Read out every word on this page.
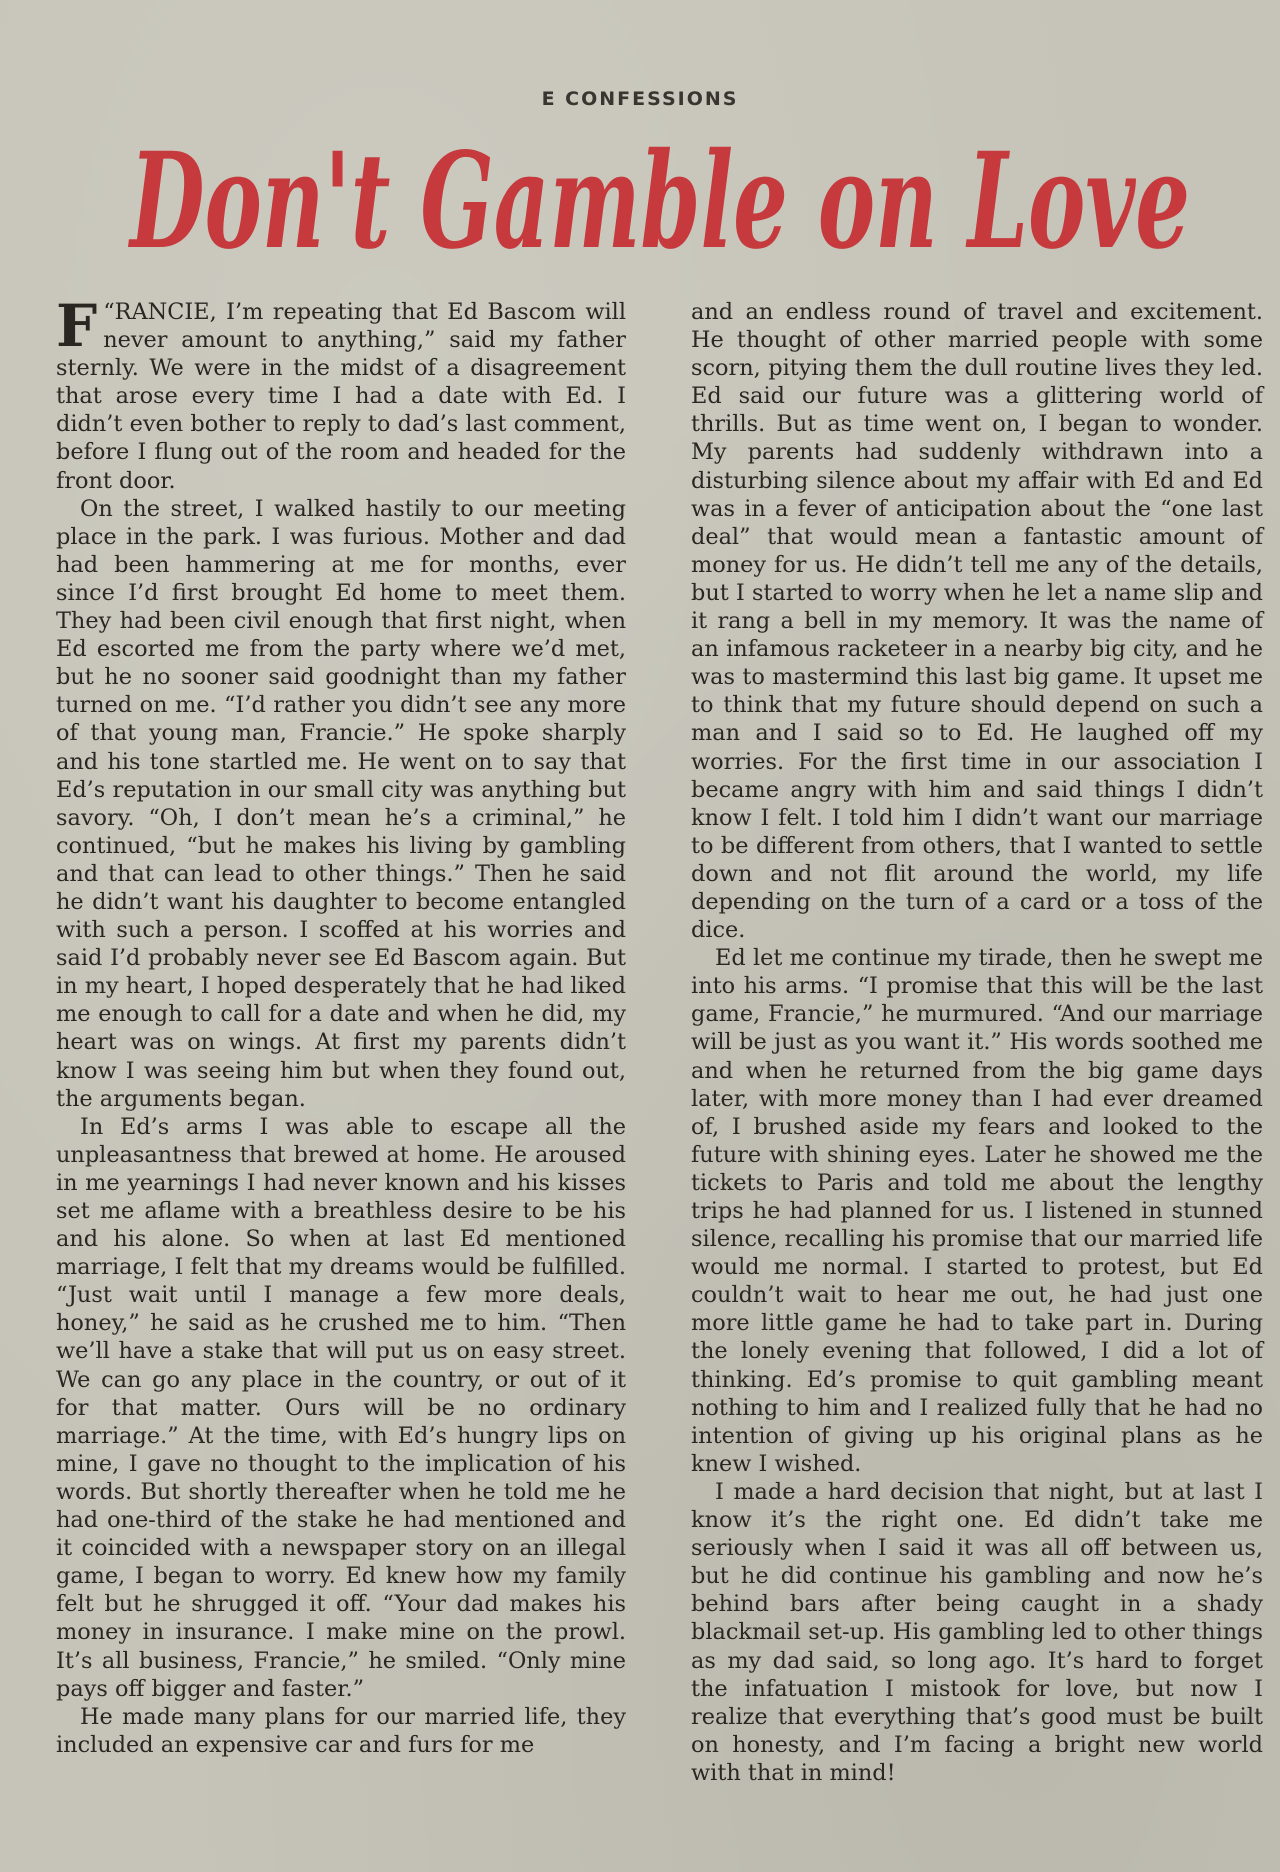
E CONFESSIONS
Don't Gamble on Love

“
F RANCIE, I’m repeating that Ed Bascom will never amount to anything,” said my father sternly. We were in the midst of a disagreement that arose every time I had a date with Ed. I didn’t even bother to reply to dad’s last comment, before I flung out of the room and headed for the front door.

On the street, I walked hastily to our meeting place in the park. I was furious. Mother and dad had been hammering at me for months, ever since I’d first brought Ed home to meet them. They had been civil enough that first night, when Ed escorted me from the party where we’d met, but he no sooner said goodnight than my father turned on me. “I’d rather you didn’t see any more of that young man, Francie.” He spoke sharply and his tone startled me. He went on to say that Ed’s reputation in our small city was anything but savory. “Oh, I don’t mean he’s a criminal,” he continued, “but he makes his living by gambling and that can lead to other things.” Then he said he didn’t want his daughter to become entangled with such a person. I scoffed at his worries and said I’d probably never see Ed Bascom again. But in my heart, I hoped desperately that he had liked me enough to call for a date and when he did, my heart was on wings. At first my parents didn’t know I was seeing him but when they found out, the arguments began.

In Ed’s arms I was able to escape all the unpleasantness that brewed at home. He aroused in me yearnings I had never known and his kisses set me aflame with a breathless desire to be his and his alone. So when at last Ed mentioned marriage, I felt that my dreams would be fulfilled. “Just wait until I manage a few more deals, honey,” he said as he crushed me to him. “Then we’ll have a stake that will put us on easy street. We can go any place in the country, or out of it for that matter. Ours will be no ordinary marriage.” At the time, with Ed’s hungry lips on mine, I gave no thought to the implication of his words. But shortly thereafter when he told me he had one-third of the stake he had mentioned and it coincided with a newspaper story on an illegal game, I began to worry. Ed knew how my family felt but he shrugged it off. “Your dad makes his money in insurance. I make mine on the prowl. It’s all business, Francie,” he smiled. “Only mine pays off bigger and faster.”

He made many plans for our married life, they included an expensive car and furs for me

and an endless round of travel and excitement. He thought of other married people with some scorn, pitying them the dull routine lives they led. Ed said our future was a glittering world of thrills. But as time went on, I began to wonder. My parents had suddenly withdrawn into a disturbing silence about my affair with Ed and Ed was in a fever of anticipation about the “one last deal” that would mean a fantastic amount of money for us. He didn’t tell me any of the details, but I started to worry when he let a name slip and it rang a bell in my memory. It was the name of an infamous racketeer in a nearby big city, and he was to mastermind this last big game. It upset me to think that my future should depend on such a man and I said so to Ed. He laughed off my worries. For the first time in our association I became angry with him and said things I didn’t know I felt. I told him I didn’t want our marriage to be different from others, that I wanted to settle down and not flit around the world, my life depending on the turn of a card or a toss of the dice.

Ed let me continue my tirade, then he swept me into his arms. “I promise that this will be the last game, Francie,” he murmured. “And our marriage will be just as you want it.” His words soothed me and when he returned from the big game days later, with more money than I had ever dreamed of, I brushed aside my fears and looked to the future with shining eyes. Later he showed me the tickets to Paris and told me about the lengthy trips he had planned for us. I listened in stunned silence, recalling his promise that our married life would me normal. I started to protest, but Ed couldn’t wait to hear me out, he had just one more little game he had to take part in. During the lonely evening that followed, I did a lot of thinking. Ed’s promise to quit gambling meant nothing to him and I realized fully that he had no intention of giving up his original plans as he knew I wished.

I made a hard decision that night, but at last I know it’s the right one. Ed didn’t take me seriously when I said it was all off between us, but he did continue his gambling and now he’s behind bars after being caught in a shady blackmail set-up. His gambling led to other things as my dad said, so long ago. It’s hard to forget the infatuation I mistook for love, but now I realize that everything that’s good must be built on honesty, and I’m facing a bright new world with that in mind!
